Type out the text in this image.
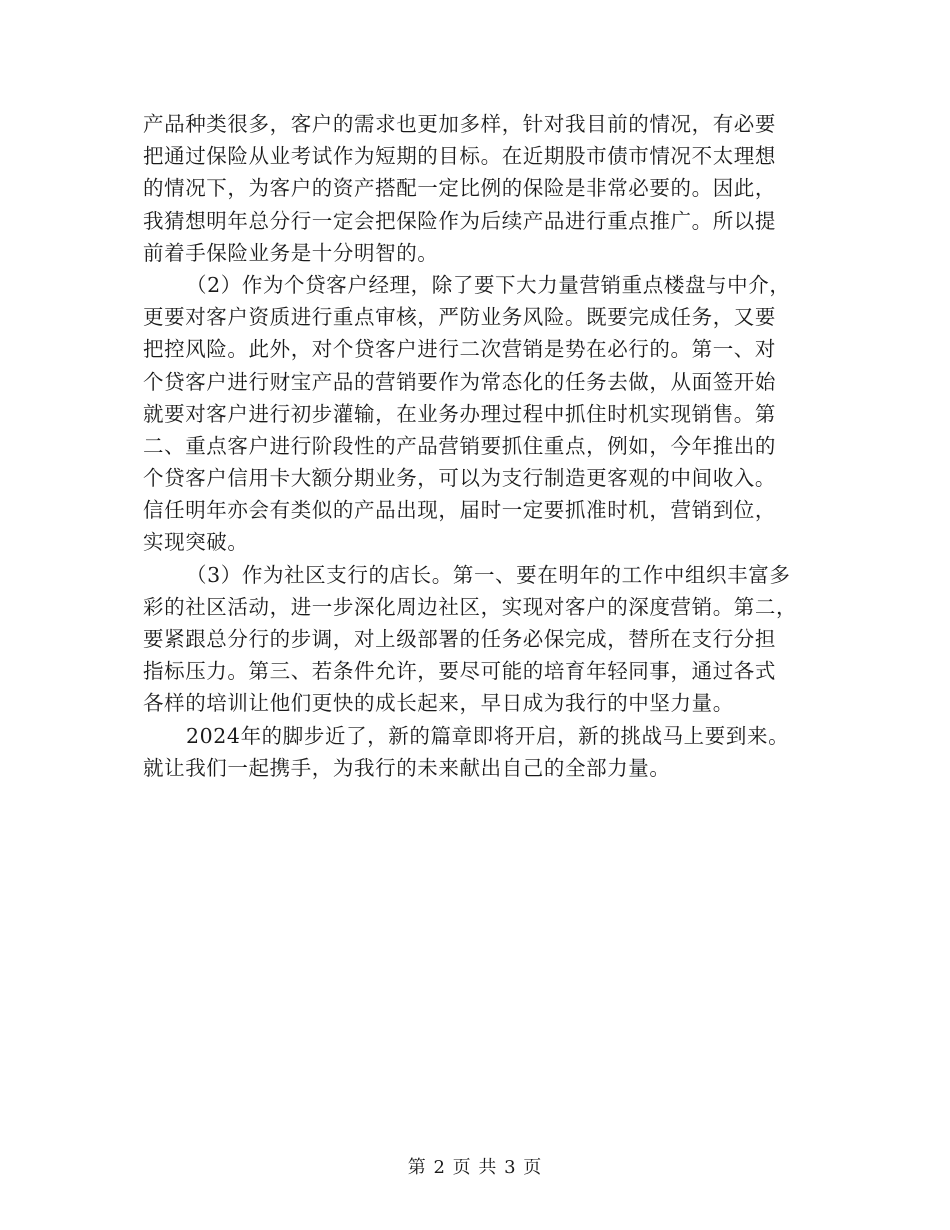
产品种类很多，客户的需求也更加多样，针对我目前的情况，有必要
把通过保险从业考试作为短期的目标。在近期股市债市情况不太理想
的情况下，为客户的资产搭配一定比例的保险是非常必要的。因此，
我猜想明年总分行一定会把保险作为后续产品进行重点推广。所以提
前着手保险业务是十分明智的。
（2）作为个贷客户经理，除了要下大力量营销重点楼盘与中介，
更要对客户资质进行重点审核，严防业务风险。既要完成任务，又要
把控风险。此外，对个贷客户进行二次营销是势在必行的。第一、对
个贷客户进行财宝产品的营销要作为常态化的任务去做，从面签开始
就要对客户进行初步灌输，在业务办理过程中抓住时机实现销售。第
二、重点客户进行阶段性的产品营销要抓住重点，例如，今年推出的
个贷客户信用卡大额分期业务，可以为支行制造更客观的中间收入。
信任明年亦会有类似的产品出现，届时一定要抓准时机，营销到位，
实现突破。
（3）作为社区支行的店长。第一、要在明年的工作中组织丰富多
彩的社区活动，进一步深化周边社区，实现对客户的深度营销。第二，
要紧跟总分行的步调，对上级部署的任务必保完成，替所在支行分担
指标压力。第三、若条件允许，要尽可能的培育年轻同事，通过各式
各样的培训让他们更快的成长起来，早日成为我行的中坚力量。
2024年的脚步近了，新的篇章即将开启，新的挑战马上要到来。
就让我们一起携手，为我行的未来献出自己的全部力量。
第 2 页 共 3 页
